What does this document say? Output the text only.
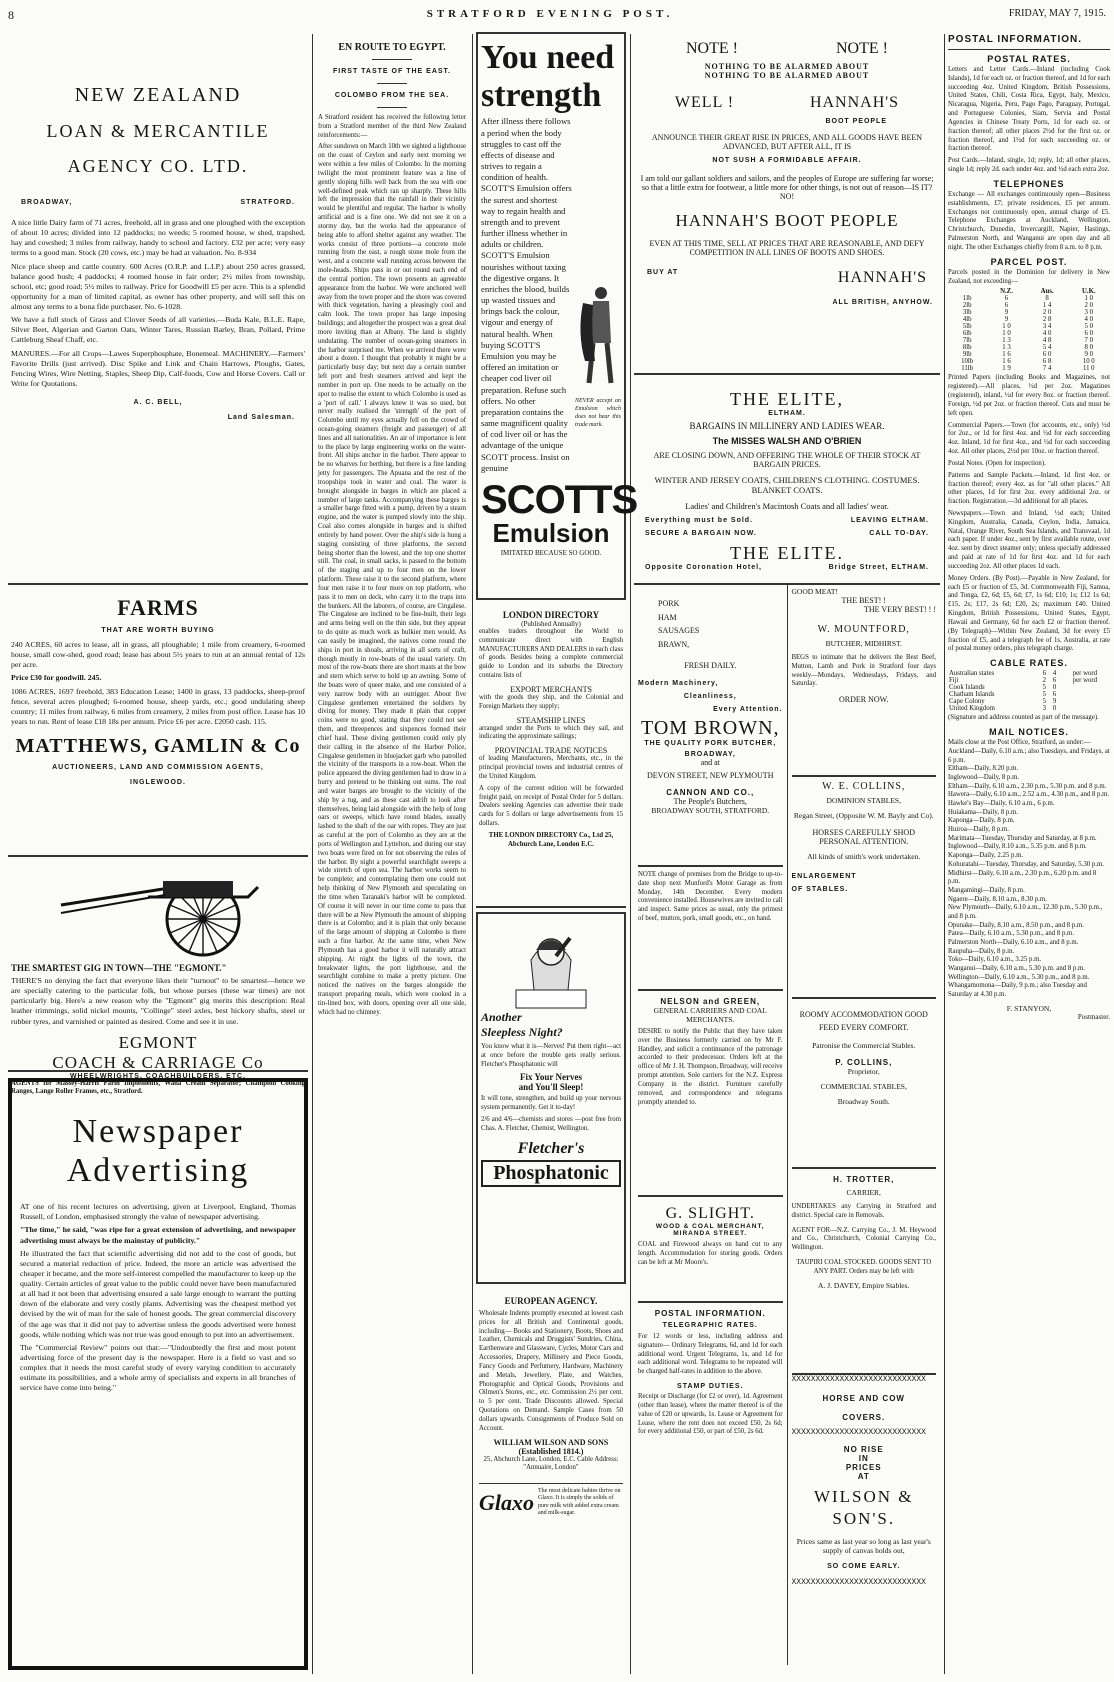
8	STRATFORD EVENING POST.	FRIDAY, MAY 7, 1915.
NEW ZEALAND
LOAN & MERCANTILE
AGENCY CO. LTD.
BROADWAY,	STRATFORD.

A nice little Dairy farm of 71 acres, freehold, all in grass and one ploughed with the exception of about 10 acres; divided into 12 paddocks; no weeds; 5 roomed house, w shed, trapshed, hay and cowshed; 3 miles from railway, handy to school and factory. £32 per acre; very easy terms to a good man. Stock (20 cows, etc.) may be had at valuation. No. 8-934

Nice place sheep and cattle country. 600 Acres (O.R.P. and L.I.P.) about 250 acres grassed, balance good bush; 4 paddocks; 4 roomed house in fair order; 2½ miles from township, school, etc; good road; 5½ miles to railway. Price for Goodwill £5 per acre. This is a splendid opportunity for a man of limited capital, as owner has other property, and will sell this on almost any terms to a bona fide purchaser. No. 6-1028.

We have a full stock of Grass and Clover Seeds of all varieties.—Buda Kale, B.L.E. Rape, Silver Beet, Algerian and Garton Oats, Winter Tares, Russian Barley, Bran, Pollard, Prime Cattleburg Sheaf Chaff, etc.

MANURES.—For all Crops—Lawes Superphosphate, Bonemeal. MACHINERY.—Farmers' Favorite Drills (just arrived). Disc Spike and Link and Chain Harrows, Ploughs, Gates, Fencing Wires, Wire Netting, Staples, Sheep Dip, Calf-foods, Cow and Horse Covers. Call or Write for Quotations.

A. C. BELL,
Land Salesman.
FARMS
THAT ARE WORTH BUYING

240 ACRES, 60 acres to lease, all in grass, all ploughable; 1 mile from creamery, 6-roomed house, small cow-shed, good road; lease has about 5½ years to run at an annual rental of 12s per acre.

Price £30 for goodwill. 245.

1086 ACRES, 1697 freehold, 383 Education Lease; 1400 in grass, 13 paddocks, sheep-proof fence, several acres ploughed; 6-roomed house, sheep yards, etc.; good undulating sheep country; 11 miles from railway, 6 miles from creamery, 2 miles from post office. Lease has 10 years to run. Rent of lease £18 18s per annum. Price £6 per acre. £2050 cash. 115.

MATTHEWS, GAMLIN & Co
AUCTIONEERS, LAND AND COMMISSION AGENTS,
INGLEWOOD.
THE SMARTEST GIG IN TOWN—THE "EGMONT."

THERE'S no denying the fact that everyone likes their "turnout" to be smartest—hence we are specially catering to the particular folk, but whose purses (these war times) are not particularly big. Here's a new reason why the "Egmont" gig merits this description: Real leather trimmings, solid nickel mounts, "Collinge" steel axles, best hickory shafts, steel or rubber tyres, and varnished or painted as desired. Come and see it in use.

EGMONT
COACH & CARRIAGE Co
WHEELWRIGHTS, COACHBUILDERS, ETC.

AGENTS for Massey-Harris Farm Implements, Wana Cream Separator; Champion Cooking Ranges, Lange Roller Frames, etc., Stratford.

Newspaper
Advertising

AT one of his recent lectures on advertising, given at Liverpool, England, Thomas Russell, of London, emphasised strongly the value of newspaper advertising.

"The time," he said, "was ripe for a great extension of advertising, and newspaper advertising must always be the mainstay of publicity."

He illustrated the fact that scientific advertising did not add to the cost of goods, but secured a material reduction of price. Indeed, the more an article was advertised the cheaper it became, and the more self-interest compelled the manufacturer to keep up the quality. Certain articles of great value to the public could never have been manufactured at all had it not been that advertising ensured a sale large enough to warrant the putting down of the elaborate and very costly plants. Advertising was the cheapest method yet devised by the wit of man for the sale of honest goods. The great commercial discovery of the age was that it did not pay to advertise unless the goods advertised were honest goods, while nothing which was not true was good enough to put into an advertisement.

The "Commercial Review" points out that:—"Undoubtedly the first and most potent advertising force of the present day is the newspaper. Here is a field so vast and so complex that it needs the most careful study of every varying condition to accurately estimate its possibilities, and a whole army of specialists and experts in all branches of service have come into being."

EN ROUTE TO EGYPT.
FIRST TASTE OF THE EAST.
COLOMBO FROM THE SEA.

A Stratford resident has received the following letter from a Stratford member of the third New Zealand reinforcements:—

After sundown on March 10th we sighted a lighthouse on the coast of Ceylon and early next morning we were within a few miles of Colombo. In the morning twilight the most prominent feature was a line of gently sloping hills well back from the sea with one well-defined peak which ran up sharply. These hills left the impression that the rainfall in their vicinity would be plentiful and regular. The harbor is wholly artificial and is a fine one. We did not see it on a stormy day, but the works had the appearance of being able to afford shelter against any weather. The works consist of three portions—a concrete mole running from the east, a rough stone mole from the west, and a concrete wall running across between the mole-heads. Ships pass in or out round each end of the central portion. The town presents an agreeable appearance from the harbor. We were anchored well away from the town proper and the shore was covered with thick vegetation, having a pleasingly cool and calm look. The town proper has large imposing buildings; and altogether the prospect was a great deal more inviting than at Albany. The land is slightly undulating. The number of ocean-going steamers in the harbor surprised me. When we arrived there were about a dozen. I thought that probably it might be a particularly busy day; but next day a certain number left port and fresh steamers arrived and kept the number in port up. One needs to be actually on the spot to realise the extent to which Colombo is used as a 'port of call.' I always knew it was so used, but never really realised the 'strength' of the port of Colombo until my eyes actually fell on the crowd of ocean-going steamers (freight and passenger) of all lines and all nationalities. An air of importance is lent to the place by large engineering works on the water-front. All ships anchor in the harbor. There appear to be no wharves for berthing, but there is a fine landing jetty for passengers. The Apuana and the rest of the troopships took in water and coal. The water is brought alongside in barges in which are placed a number of large tanks. Accompanying these barges is a smaller barge fitted with a pump, driven by a steam engine, and the water is pumped slowly into the ship. Coal also comes alongside in barges and is shifted entirely by hand power. Over the ship's side is hung a staging consisting of three platforms, the second being shorter than the lowest, and the top one shorter still. The coal, in small sacks, is passed to the bottom of the staging and up to four men on the lower platform. These raise it to the second platform, where four men raise it to four more on top platform, who pass it to men on deck, who carry it to the traps into the bunkers. All the laborers, of course, are Cingalese. The Cingalese are inclined to be fine-built, their legs and arms being well on the thin side, but they appear to do quite as much work as bulkier men would. As can easily be imagined, the natives come round the ships in port in shoals, arriving in all sorts of craft, though mostly in row-boats of the usual variety. On most of the row-boats there are short masts at the bow and stern which serve to hold up an awning. Some of the boats were of queer make, and one consisted of a very narrow body with an outrigger. About five Cingalese gentlemen entertained the soldiers by diving for money. They made it plain that copper coins were no good, stating that they could not see them, and threepences and sixpences formed their chief haul. These diving gentlemen could only ply their calling in the absence of the Harbor Police, Cingalese gentlemen in bluejacket garb who patrolled the vicinity of the transports in a row-boat. When the police appeared the diving gentlemen had to draw in a hurry and pretend to be thinking out sums. The real and water barges are brought to the vicinity of the ship by a tug, and as these cast adrift to look after themselves, being laid alongside with the help of long oars or sweeps, which have round blades, usually lashed to the shaft of the oar with ropes. They are just as careful at the port of Colombo as they are at the ports of Wellington and Lyttelton, and during our stay two boats were fired on for not observing the rules of the harbor. By night a powerful searchlight sweeps a wide stretch of open sea. The harbor works seem to be complete; and contemplating them one could not help thinking of New Plymouth and speculating on the time when Taranaki's harbor will be completed. Of course it will never in our time come to pass that there will be at New Plymouth the amount of shipping there is at Colombo; and it is plain that only because of the large amount of shipping at Colombo is there such a fine harbor. At the same time, when New Plymouth has a good harbor it will naturally attract shipping. At night the lights of the town, the breakwater lights, the port lighthouse, and the searchlight combine to make a pretty picture. One noticed the natives on the barges alongside the transport preparing meals, which were cooked in a tin-lined box, with doors, opening over all one side, which had no chimney.

You need
strength

After illness there follows a period when the body struggles to cast off the effects of disease and strives to regain a condition of health. SCOTT'S Emulsion offers the surest and shortest way to regain health and strength and to prevent further illness whether in adults or children. SCOTT'S Emulsion nourishes without taxing the digestive organs. It enriches the blood, builds up wasted tissues and brings back the colour, vigour and energy of natural health. When buying SCOTT'S Emulsion you may be offered an imitation or cheaper cod liver oil preparation. Refuse such offers. No other preparation contains the same magnificent quality of cod liver oil or has the advantage of the unique SCOTT process. Insist on genuine

NEVER accept an Emulsion which does not bear this trade mark.

SCOTTS
Emulsion
IMITATED BECAUSE SO GOOD.
LONDON DIRECTORY
(Published Annually)

enables traders throughout the World to communicate direct with English MANUFACTURERS AND DEALERS in each class of goods. Besides being a complete commercial guide to London and its suburbs the Directory contains lists of

EXPORT MERCHANTS

with the goods they ship, and the Colonial and Foreign Markets they supply;

STEAMSHIP LINES

arranged under the Ports to which they sail, and indicating the approximate sailings;

PROVINCIAL TRADE NOTICES

of leading Manufacturers, Merchants, etc., in the principal provincial towns and industrial centres of the United Kingdom.

A copy of the current edition will be forwarded freight paid, on receipt of Postal Order for 5 dollars. Dealers seeking Agencies can advertise their trade cards for 5 dollars or large advertisements from 15 dollars.

THE LONDON DIRECTORY Co., Ltd 25, Abchurch Lane, London E.C.

Another
Sleepless Night?

You know what it is—Nerves! Put them right—act at once before the trouble gets really serious. Fletcher's Phosphatonic will

Fix Your Nerves
and You'll Sleep!

It will tone, strengthen, and build up your nervous system permanently. Get it to-day!

2/6 and 4/6—chemists and stores —post free from Chas. A. Fletcher, Chemist, Wellington.

Fletcher's
Phosphatonic
EUROPEAN AGENCY.

Wholesale Indents promptly executed at lowest cash prices for all British and Continental goods, including— Books and Stationery, Boots, Shoes and Leather, Chemicals and Druggists' Sundries, China, Earthenware and Glassware, Cycles, Motor Cars and Accessories, Drapery, Millinery and Piece Goods, Fancy Goods and Perfumery, Hardware, Machinery and Metals, Jewellery, Plate, and Watches, Photographic and Optical Goods, Provisions and Oilmen's Stores, etc., etc. Commission 2½ per cent. to 5 per cent. Trade Discounts allowed. Special Quotations on Demand. Sample Cases from 50 dollars upwards. Consignments of Produce Sold on Account.

WILLIAM WILSON AND SONS (Established 1814.)

25, Abchurch Lane, London, E.C. Cable Address: "Annuaire, London"

Glaxo The most delicate babies thrive on Glaxo. It is simply the solids of pure milk with added extra cream and milk-sugar.
NOTE !	NOTE !
NOTHING TO BE ALARMED ABOUT
NOTHING TO BE ALARMED ABOUT
WELL !	HANNAH'S
BOOT PEOPLE

ANNOUNCE THEIR GREAT RISE IN PRICES, AND ALL GOODS HAVE BEEN ADVANCED, BUT AFTER ALL, IT IS

NOT SUSH A FORMIDABLE AFFAIR.

I am told our gallant soldiers and sailors, and the peoples of Europe are suffering far worse; so that a little extra for footwear, a little more for other things, is not out of reason—IS IT? NO!

HANNAH'S BOOT PEOPLE

EVEN AT THIS TIME, SELL AT PRICES THAT ARE REASONABLE, AND DEFY COMPETITION IN ALL LINES OF BOOTS AND SHOES.

BUY AT	HANNAH'S
ALL BRITISH, ANYHOW.
THE ELITE,
ELTHAM.
BARGAINS IN MILLINERY AND LADIES WEAR.
The MISSES WALSH AND O'BRIEN

ARE CLOSING DOWN, AND OFFERING THE WHOLE OF THEIR STOCK AT BARGAIN PRICES.

WINTER AND JERSEY COATS, CHILDREN'S CLOTHING. COSTUMES. BLANKET COATS.

Ladies' and Children's Macintosh Coats and all ladies' wear.

Everything must be Sold.	LEAVING ELTHAM.
SECURE A BARGAIN NOW.	CALL TO-DAY.
THE ELITE.
Opposite Coronation Hotel,	Bridge Street, ELTHAM.
PORK
HAM
SAUSAGES
BRAWN,
FRESH DAILY.
Modern Machinery,
Cleanliness,
Every Attention.
TOM BROWN,
THE QUALITY PORK BUTCHER,
BROADWAY,
and at
DEVON STREET, NEW PLYMOUTH
CANNON AND CO.,
The People's Butchers,
BROADWAY SOUTH, STRATFORD.

NOTE change of premises from the Bridge to up-to-date shop next Munford's Motor Garage as from Monday, 14th December. Every modern convenience installed. Housewives are invited to call and inspect. Same prices as usual, only the primest of beef, mutton, pork, small goods, etc., on hand.

NELSON and GREEN,
GENERAL CARRIERS AND COAL MERCHANTS.

DESIRE to notify the Public that they have taken over the Business formerly carried on by Mr F. Handley, and solicit a continuance of the patronage accorded to their predecessor. Orders left at the office of Mr J. H. Thompson, Broadway, will receive prompt attention. Sole carriers for the N.Z. Express Company in the district. Furniture carefully removed, and correspondence and telegrams promptly attended to.

G. SLIGHT.
WOOD & COAL MERCHANT, MIRANDA STREET.

COAL and Firewood always on hand cut to any length. Accommodation for storing goods. Orders can be left at Mr Moore's.

POSTAL INFORMATION.
TELEGRAPHIC RATES.

For 12 words or less, including address and signature— Ordinary Telegrams, 6d, and 1d for each additional word. Urgent Telegrams, 1s, and 1d for each additional word. Telegrams to be repeated will be charged half-rates in addition to the above.

STAMP DUTIES.

Receipt or Discharge (for £2 or over), 1d. Agreement (other than lease), where the matter thereof is of the value of £20 or upwards, 1s. Lease or Agreement for Lease, where the rent does not exceed £50, 2s 6d; for every additional £50, or part of £50, 2s 6d.

GOOD MEAT!
THE BEST! !
THE VERY BEST! ! !
W. MOUNTFORD,
BUTCHER, MIDHIRST.

BEGS to intimate that he delivers the Best Beef, Mutton, Lamb and Pork in Stratford four days weekly—Mondays, Wednesdays, Fridays, and Saturday.

ORDER NOW.
W. E. COLLINS,
DOMINION STABLES,

Regan Street, (Opposite W. M. Bayly and Co).

HORSES CAREFULLY SHOD PERSONAL ATTENTION.

All kinds of smith's work undertaken.

ENLARGEMENT OF STABLES.

ROOMY ACCOMMODATION GOOD FEED EVERY COMFORT.

Patronise the Commercial Stables.
P. COLLINS,
Proprietor,
COMMERCIAL STABLES,
Broadway South.
H. TROTTER,
CARRIER,

UNDERTAKES any Carrying in Stratford and district. Special care in Removals.

AGENT FOR—N.Z. Carrying Co., J. M. Heywood and Co., Christchurch, Colonial Carrying Co., Wellington.

TAUPIRI COAL STOCKED. GOODS SENT TO ANY PART. Orders may be left with

A. J. DAVEY, Empire Stables.
XXXXXXXXXXXXXXXXXXXXXXXXXXXX
HORSE AND COW
COVERS.
XXXXXXXXXXXXXXXXXXXXXXXXXXXX
NO RISE
IN
PRICES
AT
WILSON &
SON'S.

Prices same as last year so long as last year's supply of canvas holds out,

SO COME EARLY.
XXXXXXXXXXXXXXXXXXXXXXXXXXXX
POSTAL INFORMATION.
POSTAL RATES.

Letters and Letter Cards.—Inland (including Cook Islands), 1d for each oz. or fraction thereof, and 1d for each succeeding 4oz. United Kingdom, British Possessions, United States, Chili, Costa Rica, Egypt, Italy, Mexico, Nicaragua, Nigeria, Peru, Pago Pago, Paraguay, Portugal, and Portuguese Colonies, Siam, Servia and Postal Agencies in Chinese Treaty Ports, 1d for each oz. or fraction thereof; all other places 2½d for the first oz. or fraction thereof, and 1½d for each succeeding oz. or fraction thereof.

Post Cards.—Inland, single, 1d; reply, 1d; all other places, single 1d; reply 2d. each under 4oz. and ½d each extra 2oz.

TELEPHONES

Exchange — All exchanges continuously open—Business establishments, £7; private residences, £5 per annum. Exchanges not continuously open, annual charge of £5. Telephone Exchanges at Auckland, Wellington, Christchurch, Dunedin, Invercargill, Napier, Hastings, Palmerston North, and Wanganui are open day and all night. The other Exchanges chiefly from 8 a.m. to 8 p.m.

PARCEL POST.

Parcels posted in the Dominion for delivery in New Zealand, not exceeding—

	N.Z.	Aus.	U.K.
1lb	6	8	1 0
2lb	6	1 4	2 0
3lb	9	2 0	3 0
4lb	9	2 8	4 0
5lb	1 0	3 4	5 0
6lb	1 0	4 0	6 0
7lb	1 3	4 8	7 0
8lb	1 3	5 4	8 0
9lb	1 6	6 0	9 0
10lb	1 6	6 8	10 0
11lb	1 9	7 4	11 0

Printed Papers (including Books and Magazines, not registered).—All places, ½d per 2oz. Magazines (registered), inland, ½d for every 8oz. or fraction thereof. Foreign, ½d per 2oz. or fraction thereof. Cuts and must be left open.

Commercial Papers.—Town (for accounts, etc., only) ½d for 2oz., or 1d for first 4oz. and ½d for each succeeding 4oz. Inland, 1d for first 4oz., and ½d for each succeeding 4oz. All other places, 2½d per 10oz. or fraction thereof.

Postal Notes. (Open for inspection).

Patterns and Sample Packets.—Inland, 1d first 4oz. or fraction thereof; every 4oz. as for "all other places." All other places, 1d for first 2oz. every additional 2oz. or fraction. Registration.—3d additional for all places.

Newspapers.—Town and Inland, ½d each; United Kingdom, Australia, Canada, Ceylon, India, Jamaica, Natal, Orange River, South Sea Islands, and Transvaal, 1d each paper. If under 4oz., sent by first available route, over 4oz. sent by direct steamer only; unless specially addressed and paid at rate of 1d for first 4oz. and 1d for each succeeding 2oz. All other places 1d each.

Money Orders. (By Post).—Payable in New Zealand, for each £5 or fraction of £5, 3d. Commonwealth Fiji, Samoa, and Tonga, £2, 6d; £5, 6d; £7, 1s 6d; £10, 1s; £12 1s 6d; £15, 2s; £17, 2s 6d; £20, 2s; maximum £40. United Kingdom, British Possessions, United States, Egypt, Hawaii and Germany, 6d for each £2 or fraction thereof. (By Telegraph)—Within New Zealand, 3d for every £5 fraction of £5, and a telegraph fee of 1s. Australia, at rate of postal money orders, plus telegraph charge.

CABLE RATES.
Australian states	6	4	per word
Fiji	2	6	per word
Cook Islands	5	0	
Chatham Islands	5	6	
Cape Colony	5	9	
United Kingdom	3	0	

(Signature and address counted as part of the message).

MAIL NOTICES.

Mails close at the Post Office, Stratford, as under:—

Auckland—Daily, 6.10 a.m.; also Tuesdays, and Fridays, at 6 p.m.

Eltham—Daily, 8.20 p.m.

Inglewood—Daily, 8 p.m.

Eltham—Daily, 6.10 a.m., 2.30 p.m., 5.30 p.m. and 8 p.m.

Hawera—Daily, 6.10 a.m., 2.52 a.m., 4.30 p.m., and 8 p.m.

Hawke's Bay—Daily, 6.10 a.m., 6 p.m.

Huiakama—Daily, 8 p.m.

Kaponga—Daily, 8 p.m.

Huiroa—Daily, 8 p.m.

Marimata—Tuesday, Thursday and Saturday, at 8 p.m.

Inglewood—Daily, 8.10 a.m., 5.35 p.m. and 8 p.m.

Kaponga—Daily, 2.25 p.m.

Kohuratahi—Tuesday, Thursday, and Saturday, 5.30 p.m.

Midhirst—Daily, 6.10 a.m., 2.30 p.m., 6.20 p.m. and 8 p.m.

Mangamingi—Daily, 8 p.m.

Ngaere—Daily, 8.10 a.m., 8.30 p.m.

New Plymouth—Daily, 6.10 a.m., 12.30 p.m., 5.30 p.m., and 8 p.m.

Opunake—Daily, 8.10 a.m., 8.50 p.m., and 8 p.m.

Patea—Daily, 6.10 a.m., 5.30 p.m., and 8 p.m.

Palmerston North—Daily, 6.10 a.m., and 8 p.m.

Raupuha—Daily, 8 p.m.

Toko—Daily, 6.10 a.m., 3.25 p.m.

Wanganui—Daily, 6.10 a.m., 5.30 p.m. and 8 p.m.

Wellington—Daily, 6.10 a.m., 5.30 p.m., and 8 p.m.

Whangamomona—Daily, 9 p.m.; also Tuesday and Saturday at 4.30 p.m.

F. STANYON,
Postmaster.
